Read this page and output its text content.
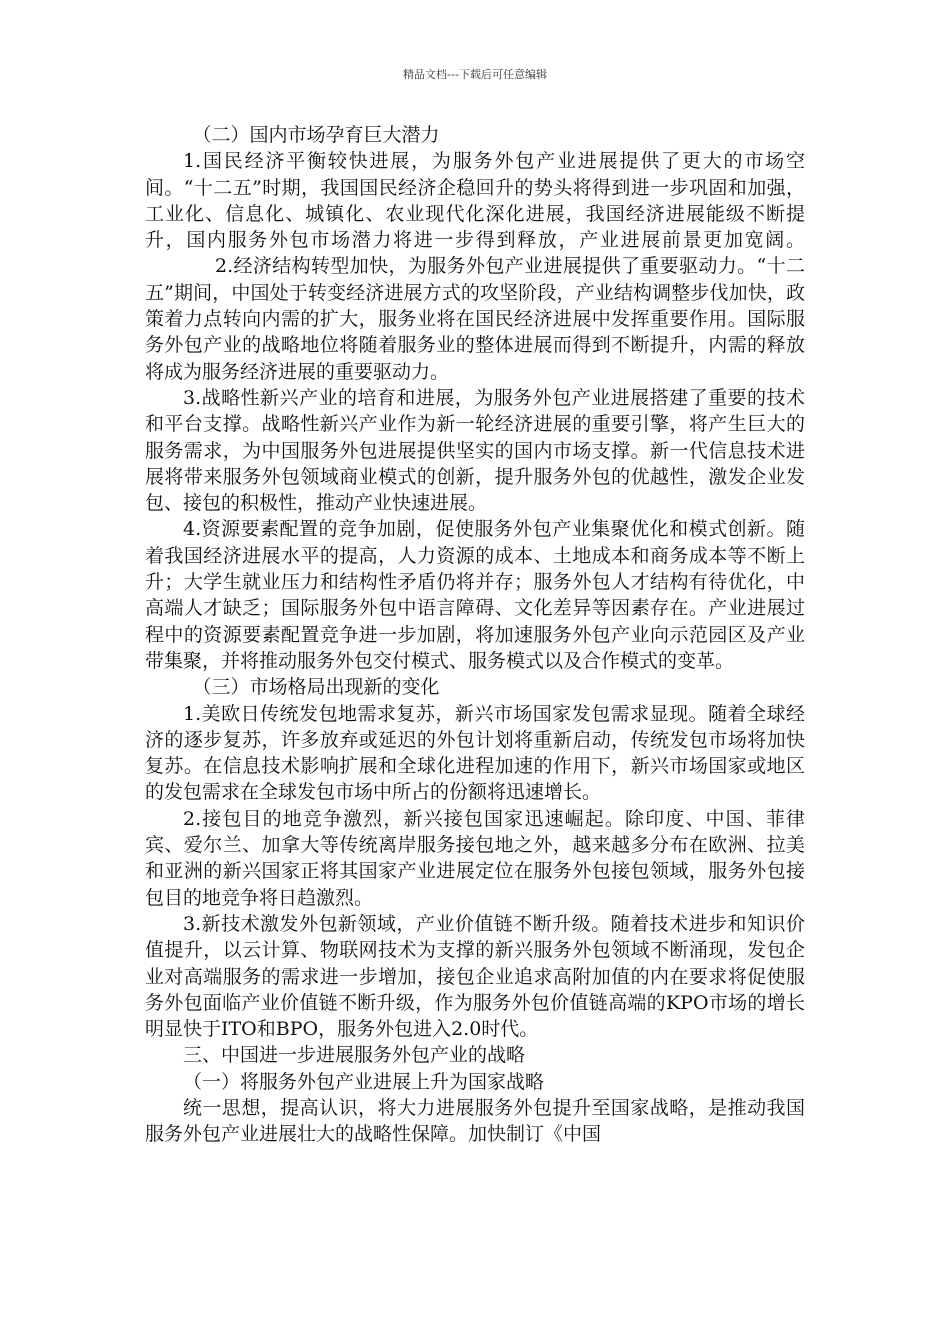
精品文档---下载后可任意编辑

（二）国内市场孕育巨大潜力

1.国民经济平衡较快进展，为服务外包产业进展提供了更大的市场空间。“十二五”时期，我国国民经济企稳回升的势头将得到进一步巩固和加强，工业化、信息化、城镇化、农业现代化深化进展，我国经济进展能级不断提升，国内服务外包市场潜力将进一步得到释放，产业进展前景更加宽阔。2.经济结构转型加快，为服务外包产业进展提供了重要驱动力。“十二五”期间，中国处于转变经济进展方式的攻坚阶段，产业结构调整步伐加快，政策着力点转向内需的扩大，服务业将在国民经济进展中发挥重要作用。国际服务外包产业的战略地位将随着服务业的整体进展而得到不断提升，内需的释放将成为服务经济进展的重要驱动力。

3.战略性新兴产业的培育和进展，为服务外包产业进展搭建了重要的技术和平台支撑。战略性新兴产业作为新一轮经济进展的重要引擎，将产生巨大的服务需求，为中国服务外包进展提供坚实的国内市场支撑。新一代信息技术进展将带来服务外包领域商业模式的创新，提升服务外包的优越性，激发企业发包、接包的积极性，推动产业快速进展。

4.资源要素配置的竞争加剧，促使服务外包产业集聚优化和模式创新。随着我国经济进展水平的提高，人力资源的成本、土地成本和商务成本等不断上升；大学生就业压力和结构性矛盾仍将并存；服务外包人才结构有待优化，中高端人才缺乏；国际服务外包中语言障碍、文化差异等因素存在。产业进展过程中的资源要素配置竞争进一步加剧，将加速服务外包产业向示范园区及产业带集聚，并将推动服务外包交付模式、服务模式以及合作模式的变革。

（三）市场格局出现新的变化

1.美欧日传统发包地需求复苏，新兴市场国家发包需求显现。随着全球经济的逐步复苏，许多放弃或延迟的外包计划将重新启动，传统发包市场将加快复苏。在信息技术影响扩展和全球化进程加速的作用下，新兴市场国家或地区的发包需求在全球发包市场中所占的份额将迅速增长。

2.接包目的地竞争激烈，新兴接包国家迅速崛起。除印度、中国、菲律宾、爱尔兰、加拿大等传统离岸服务接包地之外，越来越多分布在欧洲、拉美和亚洲的新兴国家正将其国家产业进展定位在服务外包接包领域，服务外包接包目的地竞争将日趋激烈。

3.新技术激发外包新领域，产业价值链不断升级。随着技术进步和知识价值提升，以云计算、物联网技术为支撑的新兴服务外包领域不断涌现，发包企业对高端服务的需求进一步增加，接包企业追求高附加值的内在要求将促使服务外包面临产业价值链不断升级，作为服务外包价值链高端的KPO市场的增长明显快于ITO和BPO，服务外包进入2.0时代。

三、中国进一步进展服务外包产业的战略

（一）将服务外包产业进展上升为国家战略

统一思想，提高认识，将大力进展服务外包提升至国家战略，是推动我国服务外包产业进展壮大的战略性保障。加快制订《中国
